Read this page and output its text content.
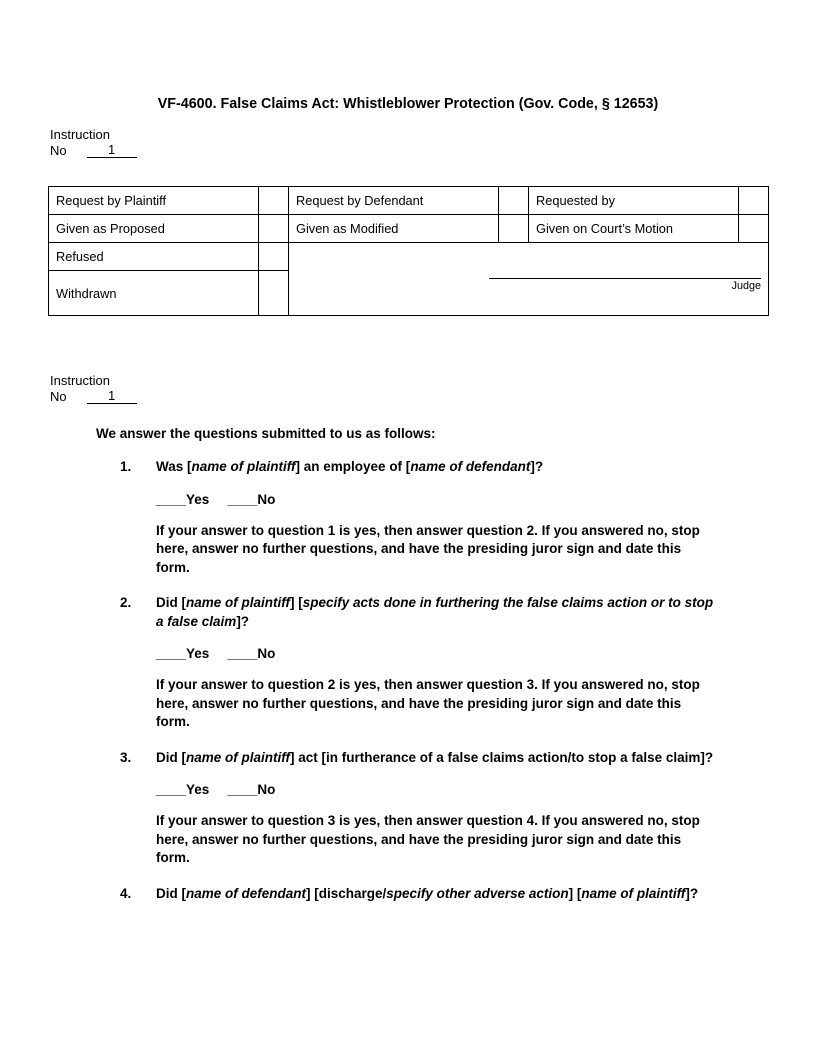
VF-4600. False Claims Act: Whistleblower Protection (Gov. Code, § 12653)
Instruction
No	1
Request by Plaintiff		Request by Defendant		Requested by	
Given as Proposed		Given as Modified		Given on Court’s Motion	
Refused		Judge			

Withdrawn					
Instruction
No	1
We answer the questions submitted to us as follows:
1.	Was [name of plaintiff] an employee of [name of defendant]?
____Yes ____No
If your answer to question 1 is yes, then answer question 2. If you answered no, stop here, answer no further questions, and have the presiding juror sign and date this form.
2.	Did [name of plaintiff] [specify acts done in furthering the false claims action or to stop a false claim]?
____Yes ____No
If your answer to question 2 is yes, then answer question 3. If you answered no, stop here, answer no further questions, and have the presiding juror sign and date this form.
3.	Did [name of plaintiff] act [in furtherance of a false claims action/to stop a false claim]?
____Yes ____No
If your answer to question 3 is yes, then answer question 4. If you answered no, stop here, answer no further questions, and have the presiding juror sign and date this form.
4.	Did [name of defendant] [discharge/specify other adverse action] [name of plaintiff]?
